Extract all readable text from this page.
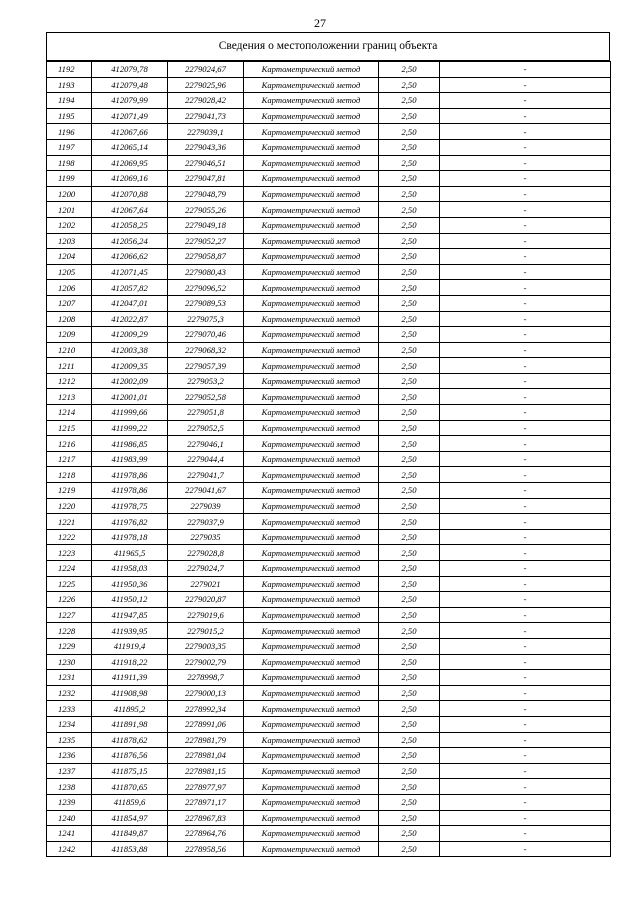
27
Сведения о местоположении границ объекта
1192	412079,78	2279024,67	Картометрический метод	2,50	-
1193	412079,48	2279025,96	Картометрический метод	2,50	-
1194	412079,99	2279028,42	Картометрический метод	2,50	-
1195	412071,49	2279041,73	Картометрический метод	2,50	-
1196	412067,66	2279039,1	Картометрический метод	2,50	-
1197	412065,14	2279043,36	Картометрический метод	2,50	-
1198	412069,95	2279046,51	Картометрический метод	2,50	-
1199	412069,16	2279047,81	Картометрический метод	2,50	-
1200	412070,88	2279048,79	Картометрический метод	2,50	-
1201	412067,64	2279055,26	Картометрический метод	2,50	-
1202	412058,25	2279049,18	Картометрический метод	2,50	-
1203	412056,24	2279052,27	Картометрический метод	2,50	-
1204	412066,62	2279058,87	Картометрический метод	2,50	-
1205	412071,45	2279080,43	Картометрический метод	2,50	-
1206	412057,82	2279096,52	Картометрический метод	2,50	-
1207	412047,01	2279089,53	Картометрический метод	2,50	-
1208	412022,87	2279075,3	Картометрический метод	2,50	-
1209	412009,29	2279070,46	Картометрический метод	2,50	-
1210	412003,38	2279068,32	Картометрический метод	2,50	-
1211	412009,35	2279057,39	Картометрический метод	2,50	-
1212	412002,09	2279053,2	Картометрический метод	2,50	-
1213	412001,01	2279052,58	Картометрический метод	2,50	-
1214	411999,66	2279051,8	Картометрический метод	2,50	-
1215	411999,22	2279052,5	Картометрический метод	2,50	-
1216	411986,85	2279046,1	Картометрический метод	2,50	-
1217	411983,99	2279044,4	Картометрический метод	2,50	-
1218	411978,86	2279041,7	Картометрический метод	2,50	-
1219	411978,86	2279041,67	Картометрический метод	2,50	-
1220	411978,75	2279039	Картометрический метод	2,50	-
1221	411976,82	2279037,9	Картометрический метод	2,50	-
1222	411978,18	2279035	Картометрический метод	2,50	-
1223	411965,5	2279028,8	Картометрический метод	2,50	-
1224	411958,03	2279024,7	Картометрический метод	2,50	-
1225	411950,36	2279021	Картометрический метод	2,50	-
1226	411950,12	2279020,87	Картометрический метод	2,50	-
1227	411947,85	2279019,6	Картометрический метод	2,50	-
1228	411939,95	2279015,2	Картометрический метод	2,50	-
1229	411919,4	2279003,35	Картометрический метод	2,50	-
1230	411918,22	2279002,79	Картометрический метод	2,50	-
1231	411911,39	2278998,7	Картометрический метод	2,50	-
1232	411908,98	2279000,13	Картометрический метод	2,50	-
1233	411895,2	2278992,34	Картометрический метод	2,50	-
1234	411891,98	2278991,06	Картометрический метод	2,50	-
1235	411878,62	2278981,79	Картометрический метод	2,50	-
1236	411876,56	2278981,04	Картометрический метод	2,50	-
1237	411875,15	2278981,15	Картометрический метод	2,50	-
1238	411870,65	2278977,97	Картометрический метод	2,50	-
1239	411859,6	2278971,17	Картометрический метод	2,50	-
1240	411854,97	2278967,83	Картометрический метод	2,50	-
1241	411849,87	2278964,76	Картометрический метод	2,50	-
1242	411853,88	2278958,56	Картометрический метод	2,50	-
